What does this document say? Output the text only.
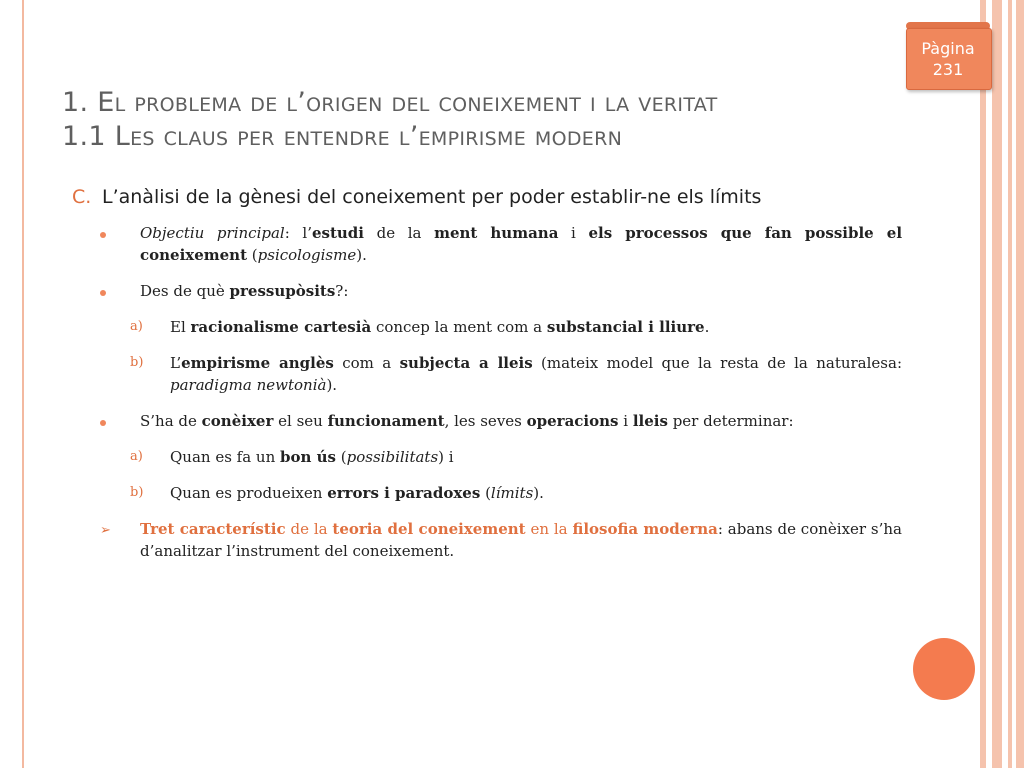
Pàgina
231
1. El problema de l’origen del coneixement i la veritat
1.1 Les claus per entendre l’empirisme modern
C. L’anàlisi de la gènesi del coneixement per poder establir-ne els límits
Objectiu principal: l’estudi de la ment humana i els processos que fan possible el coneixement (psicologisme).
Des de què pressupòsits?:
a)	El racionalisme cartesià concep la ment com a substancial i lliure.
b)	L’empirisme anglès com a subjecta a lleis (mateix model que la resta de la naturalesa: paradigma newtonià).
S’ha de conèixer el seu funcionament, les seves operacions i lleis per determinar:
a)	Quan es fa un bon ús (possibilitats) i
b)	Quan es produeixen errors i paradoxes (límits).
➢	Tret característic de la teoria del coneixement en la filosofia moderna: abans de conèixer s’ha d’analitzar l’instrument del coneixement.
